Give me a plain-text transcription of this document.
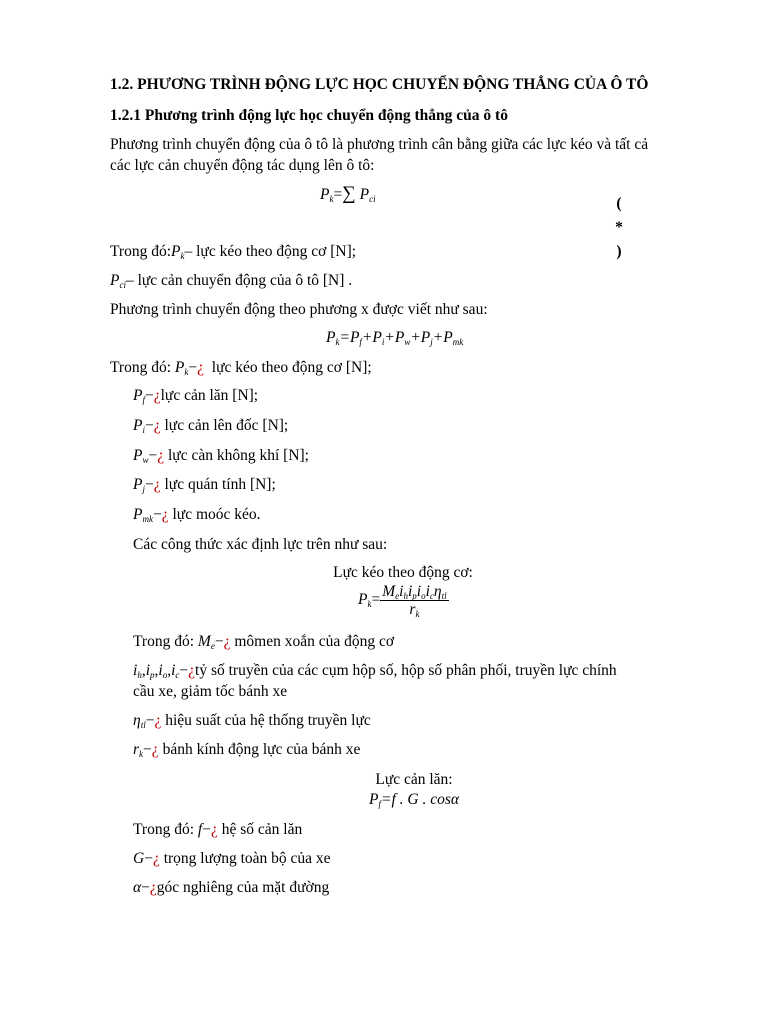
1.2. PHƯƠNG TRÌNH ĐỘNG LỰC HỌC CHUYỂN ĐỘNG THẲNG CỦA Ô TÔ
1.2.1 Phương trình động lực học chuyển động thẳng của ô tô
Phương trình chuyển động của ô tô là phương trình cân bằng giữa các lực kéo và tất cả
các lực cản chuyển động tác dụng lên ô tô:
$P_k=\sum$ $P_{ci}$	(
*
)
Trong $đó:P_k-$ lực kéo theo động cơ [N];
$P_{ci}-$ lực cản chuyển động của ô tô [N] .
Phương trình chuyển động theo phương x được viết như sau:
$P_k=P_f+P_i+P_w+P_j+P_{mk}$
Trong đó: $P_k-¿$  lực kéo theo động cơ [N];
$P_f-¿lực$ cản lăn [N];
$P_i-¿$ lực cản lên đốc [N];
$P_w-¿$ lực càn không khí [N];
$P_j-¿$ lực quán tính [N];
$P_{mk}-¿$ lực moóc kéo.
Các công thức xác định lực trên như sau:
Lực kéo theo động cơ:
$P_k= \frac{M_ei_hi_pi_oi_c\eta_{tl}}{r_k}$
Trong đó: $M_e-¿$ mômen xoắn của động cơ
$i_h,i_p,i_o,i_c-¿tỷ$ số truyền của các cụm hộp số, hộp số phân phối, truyền lực chính
cầu xe, giảm tốc bánh xe
$\eta_{tl}-¿$ hiệu suất của hệ thống truyền lực
$r_k-¿$ bánh kính động lực của bánh xe
Lực cản lăn:
$P_f=f$ . G . cosα
Trong đó: f−¿ hệ số cản lăn
G−¿ trọng lượng toàn bộ của xe
α−¿góc nghiêng của mặt đường
